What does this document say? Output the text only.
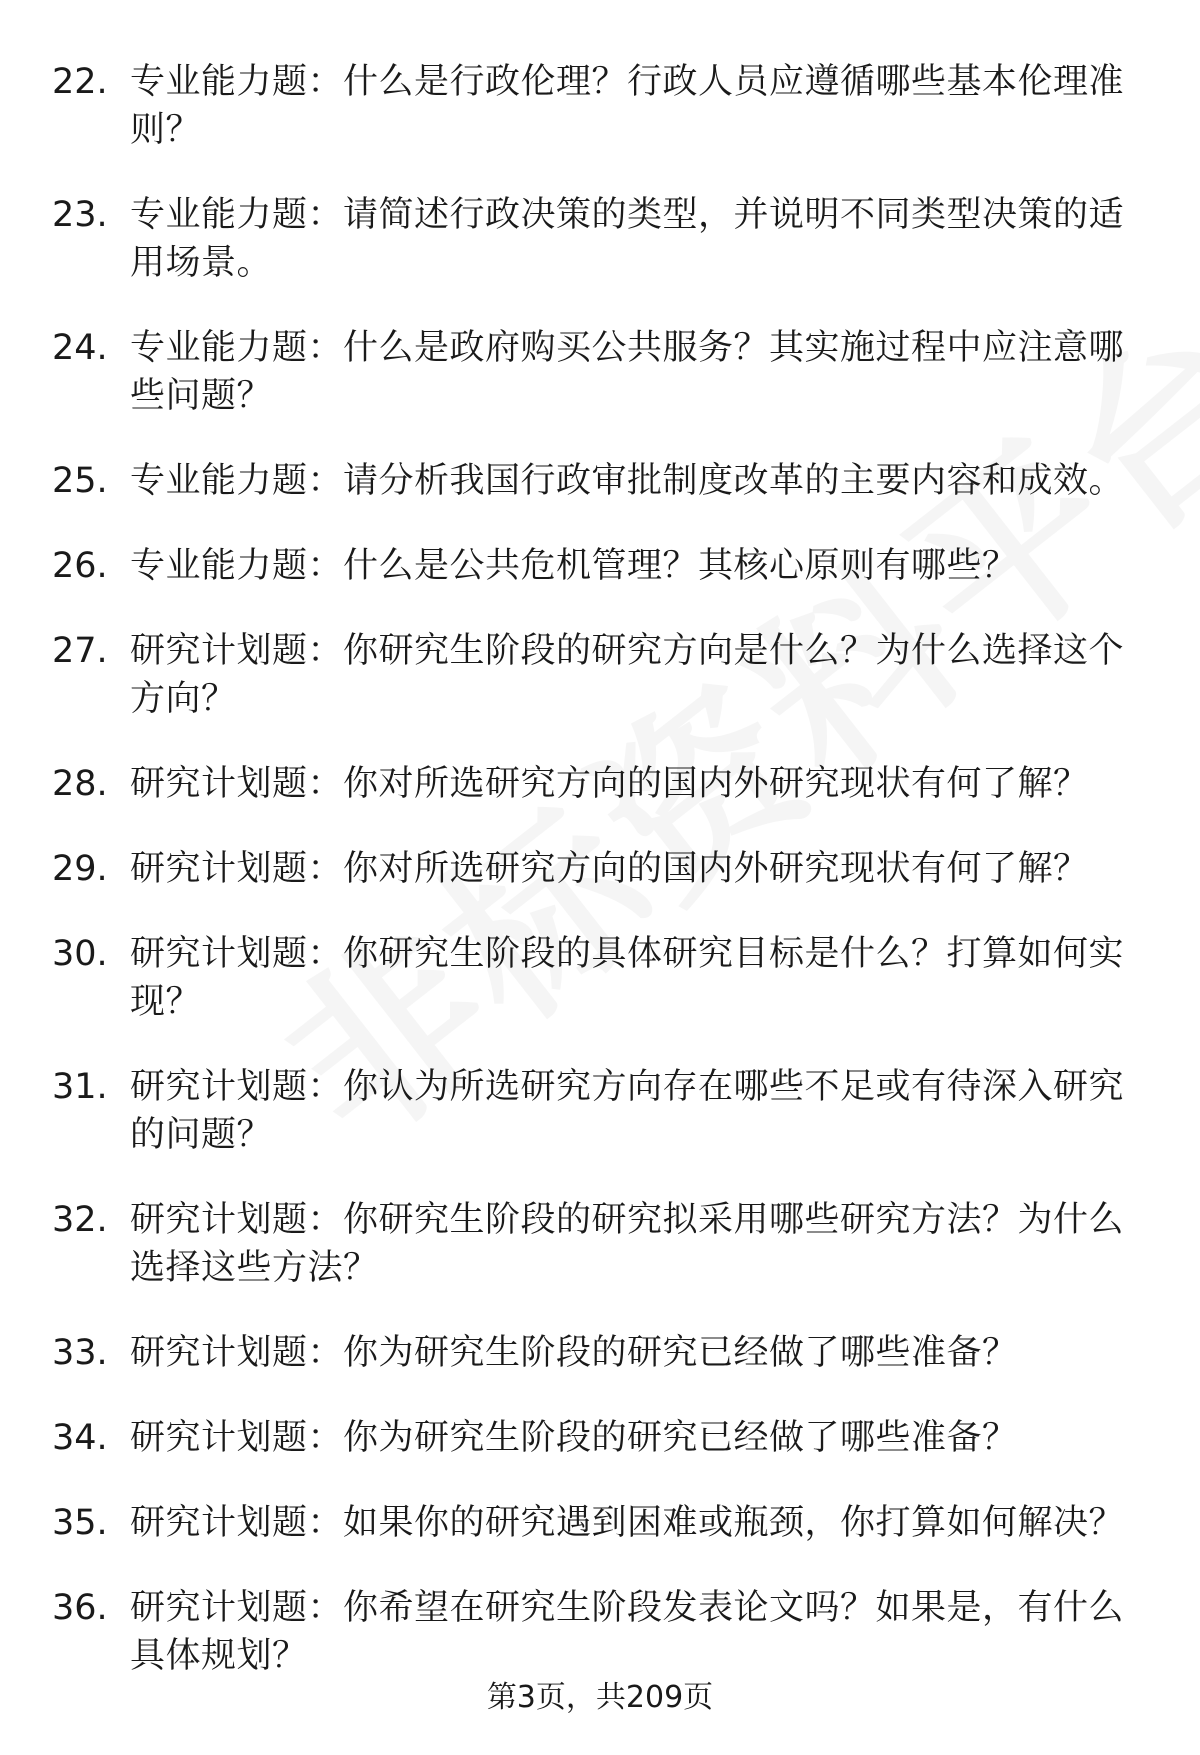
22. 专业能力题：什么是行政伦理？行政人员应遵循哪些基本伦理准则？
23. 专业能力题：请简述行政决策的类型，并说明不同类型决策的适用场景。
24. 专业能力题：什么是政府购买公共服务？其实施过程中应注意哪些问题？
25. 专业能力题：请分析我国行政审批制度改革的主要内容和成效。
26. 专业能力题：什么是公共危机管理？其核心原则有哪些？
27. 研究计划题：你研究生阶段的研究方向是什么？为什么选择这个方向？
28. 研究计划题：你对所选研究方向的国内外研究现状有何了解？
29. 研究计划题：你对所选研究方向的国内外研究现状有何了解？
30. 研究计划题：你研究生阶段的具体研究目标是什么？打算如何实现？
31. 研究计划题：你认为所选研究方向存在哪些不足或有待深入研究的问题？
32. 研究计划题：你研究生阶段的研究拟采用哪些研究方法？为什么选择这些方法？
33. 研究计划题：你为研究生阶段的研究已经做了哪些准备？
34. 研究计划题：你为研究生阶段的研究已经做了哪些准备？
35. 研究计划题：如果你的研究遇到困难或瓶颈，你打算如何解决？
36. 研究计划题：你希望在研究生阶段发表论文吗？如果是，有什么具体规划？
第3页，共209页
